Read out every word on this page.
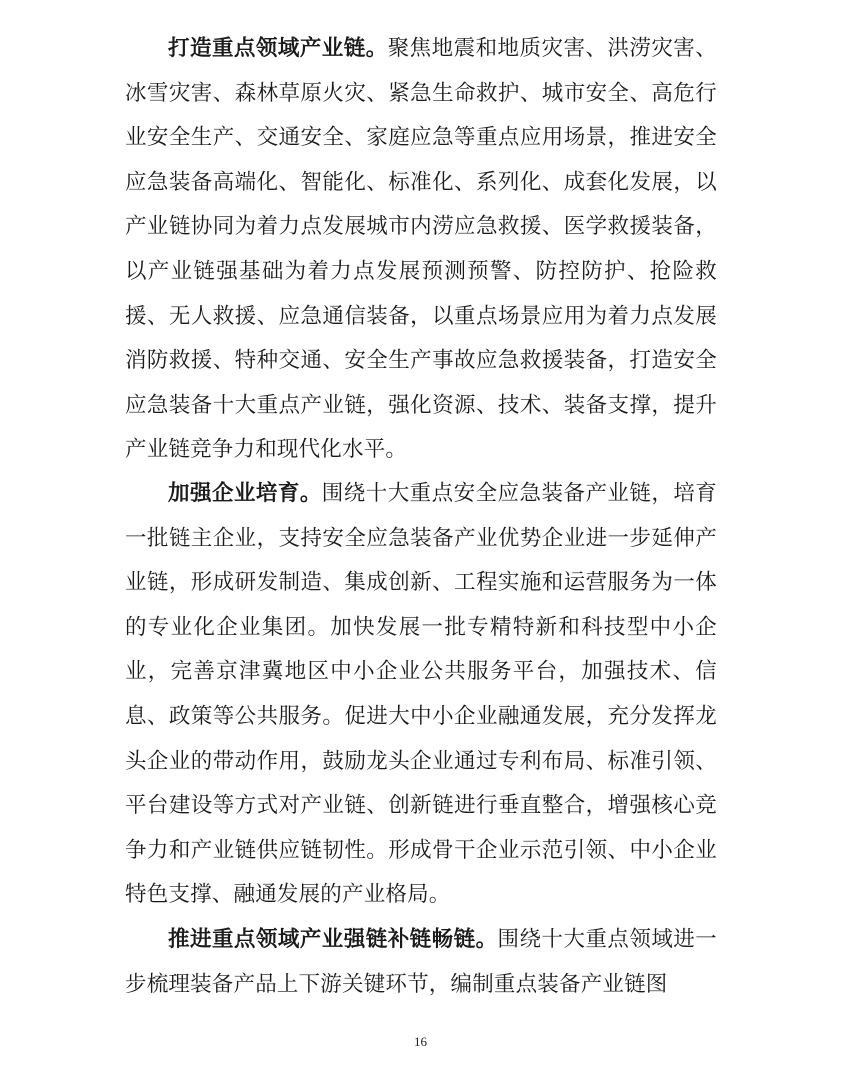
打造重点领域产业链。聚焦地震和地质灾害、洪涝灾害、冰雪灾害、森林草原火灾、紧急生命救护、城市安全、高危行业安全生产、交通安全、家庭应急等重点应用场景，推进安全应急装备高端化、智能化、标准化、系列化、成套化发展，以产业链协同为着力点发展城市内涝应急救援、医学救援装备， 以产业链强基础为着力点发展预测预警、防控防护、抢险救援、无人救援、应急通信装备，以重点场景应用为着力点发展消防救援、特种交通、安全生产事故应急救援装备，打造安全应急装备十大重点产业链，强化资源、技术、装备支撑，提升产业链竞争力和现代化水平。

加强企业培育。围绕十大重点安全应急装备产业链，培育一批链主企业，支持安全应急装备产业优势企业进一步延伸产业链，形成研发制造、集成创新、工程实施和运营服务为一体的专业化企业集团。加快发展一批专精特新和科技型中小企业，完善京津冀地区中小企业公共服务平台，加强技术、信息、政策等公共服务。促进大中小企业融通发展，充分发挥龙头企业的带动作用，鼓励龙头企业通过专利布局、标准引领、平台建设等方式对产业链、创新链进行垂直整合，增强核心竞争力和产业链供应链韧性。形成骨干企业示范引领、中小企业特色支撑、融通发展的产业格局。

推进重点领域产业强链补链畅链。围绕十大重点领域进一步梳理装备产品上下游关键环节，编制重点装备产业链图

16
